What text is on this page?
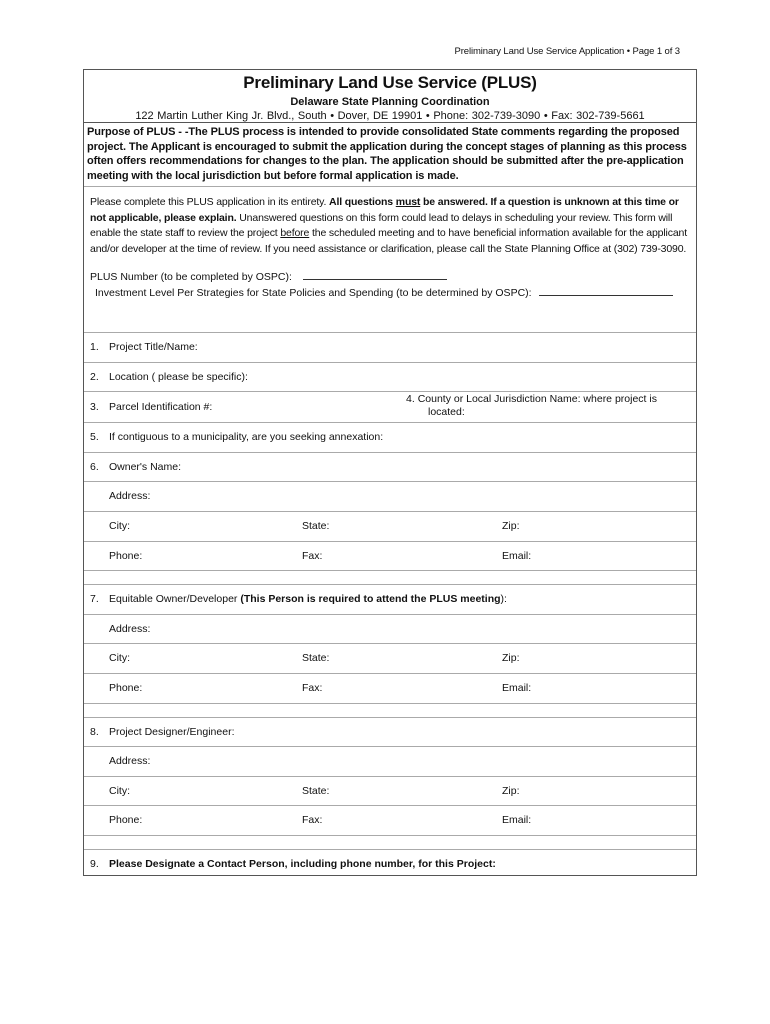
Preliminary Land Use Service Application • Page 1 of 3
Preliminary Land Use Service (PLUS)
Delaware State Planning Coordination
122 Martin Luther King Jr. Blvd., South • Dover, DE 19901 • Phone: 302-739-3090 • Fax: 302-739-5661
Purpose of PLUS - -The PLUS process is intended to provide consolidated State comments regarding the proposed project. The Applicant is encouraged to submit the application during the concept stages of planning as this process often offers recommendations for changes to the plan. The application should be submitted after the pre-application meeting with the local jurisdiction but before formal application is made.
Please complete this PLUS application in its entirety. All questions must be answered. If a question is unknown at this time or not applicable, please explain. Unanswered questions on this form could lead to delays in scheduling your review. This form will enable the state staff to review the project before the scheduled meeting and to have beneficial information available for the applicant and/or developer at the time of review. If you need assistance or clarification, please call the State Planning Office at (302) 739-3090.
PLUS Number (to be completed by OSPC):
Investment Level Per Strategies for State Policies and Spending (to be determined by OSPC):
1. Project Title/Name:
2. Location ( please be specific):
3. Parcel Identification #:
4. County or Local Jurisdiction Name: where project is
located:
5. If contiguous to a municipality, are you seeking annexation:
6. Owner's Name:
Address:
City:	State:	Zip:
Phone:	Fax:	Email:
7. Equitable Owner/Developer (This Person is required to attend the PLUS meeting):
Address:
City:	State:	Zip:
Phone:	Fax:	Email:
8. Project Designer/Engineer:
Address:
City:	State:	Zip:
Phone:	Fax:	Email:
9. Please Designate a Contact Person, including phone number, for this Project:
